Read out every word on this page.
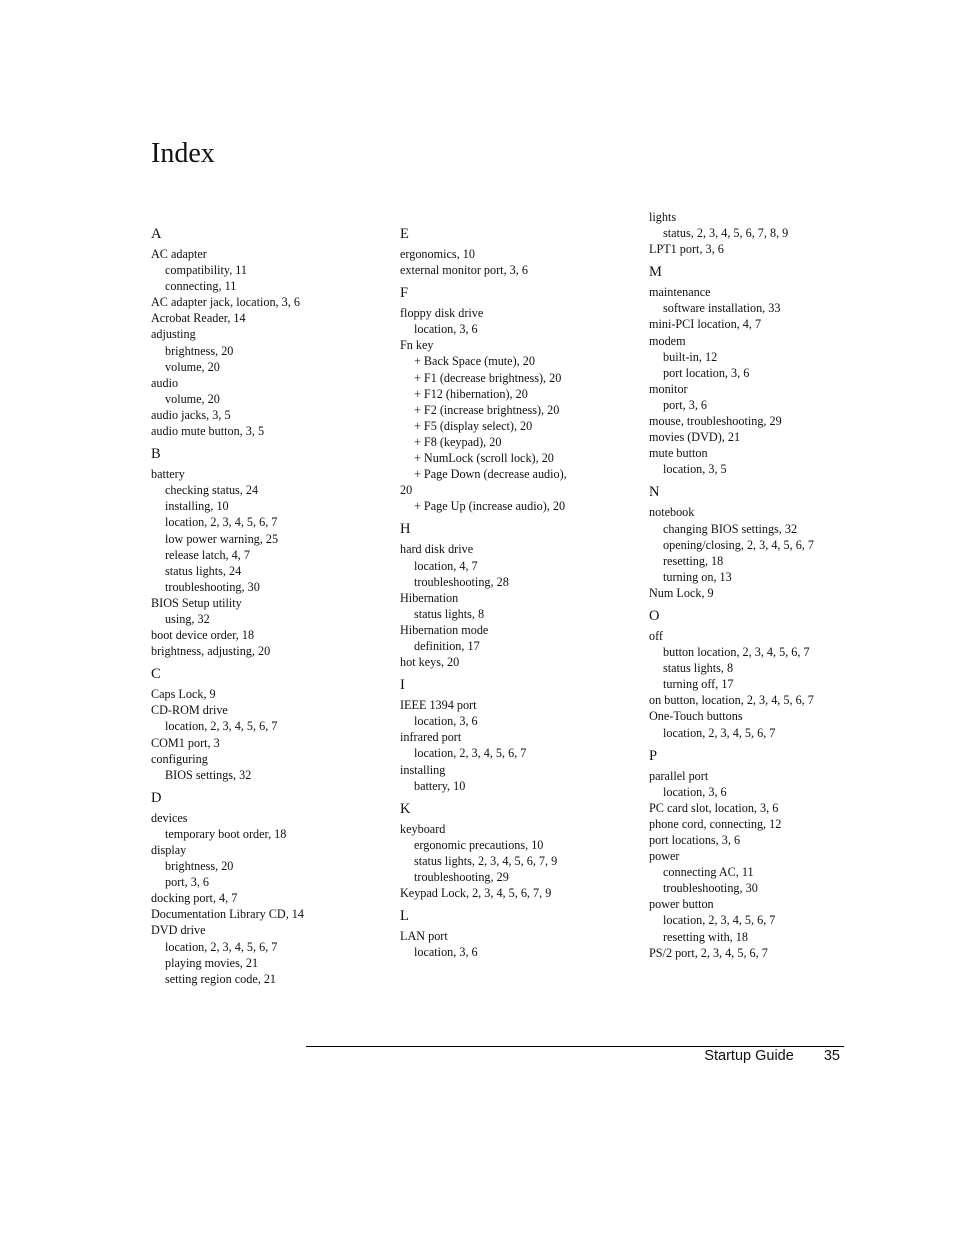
Index
A
AC adapter
compatibility, 11
connecting, 11
AC adapter jack, location, 3, 6
Acrobat Reader, 14
adjusting
brightness, 20
volume, 20
audio
volume, 20
audio jacks, 3, 5
audio mute button, 3, 5
B
battery
checking status, 24
installing, 10
location, 2, 3, 4, 5, 6, 7
low power warning, 25
release latch, 4, 7
status lights, 24
troubleshooting, 30
BIOS Setup utility
using, 32
boot device order, 18
brightness, adjusting, 20
C
Caps Lock, 9
CD-ROM drive
location, 2, 3, 4, 5, 6, 7
COM1 port, 3
configuring
BIOS settings, 32
D
devices
temporary boot order, 18
display
brightness, 20
port, 3, 6
docking port, 4, 7
Documentation Library CD, 14
DVD drive
location, 2, 3, 4, 5, 6, 7
playing movies, 21
setting region code, 21
E
ergonomics, 10
external monitor port, 3, 6
F
floppy disk drive
location, 3, 6
Fn key
+ Back Space (mute), 20
+ F1 (decrease brightness), 20
+ F12 (hibernation), 20
+ F2 (increase brightness), 20
+ F5 (display select), 20
+ F8 (keypad), 20
+ NumLock (scroll lock), 20
+ Page Down (decrease audio),
20
+ Page Up (increase audio), 20
H
hard disk drive
location, 4, 7
troubleshooting, 28
Hibernation
status lights, 8
Hibernation mode
definition, 17
hot keys, 20
I
IEEE 1394 port
location, 3, 6
infrared port
location, 2, 3, 4, 5, 6, 7
installing
battery, 10
K
keyboard
ergonomic precautions, 10
status lights, 2, 3, 4, 5, 6, 7, 9
troubleshooting, 29
Keypad Lock, 2, 3, 4, 5, 6, 7, 9
L
LAN port
location, 3, 6
lights
status, 2, 3, 4, 5, 6, 7, 8, 9
LPT1 port, 3, 6
M
maintenance
software installation, 33
mini-PCI location, 4, 7
modem
built-in, 12
port location, 3, 6
monitor
port, 3, 6
mouse, troubleshooting, 29
movies (DVD), 21
mute button
location, 3, 5
N
notebook
changing BIOS settings, 32
opening/closing, 2, 3, 4, 5, 6, 7
resetting, 18
turning on, 13
Num Lock, 9
O
off
button location, 2, 3, 4, 5, 6, 7
status lights, 8
turning off, 17
on button, location, 2, 3, 4, 5, 6, 7
One-Touch buttons
location, 2, 3, 4, 5, 6, 7
P
parallel port
location, 3, 6
PC card slot, location, 3, 6
phone cord, connecting, 12
port locations, 3, 6
power
connecting AC, 11
troubleshooting, 30
power button
location, 2, 3, 4, 5, 6, 7
resetting with, 18
PS/2 port, 2, 3, 4, 5, 6, 7
Startup Guide 35
